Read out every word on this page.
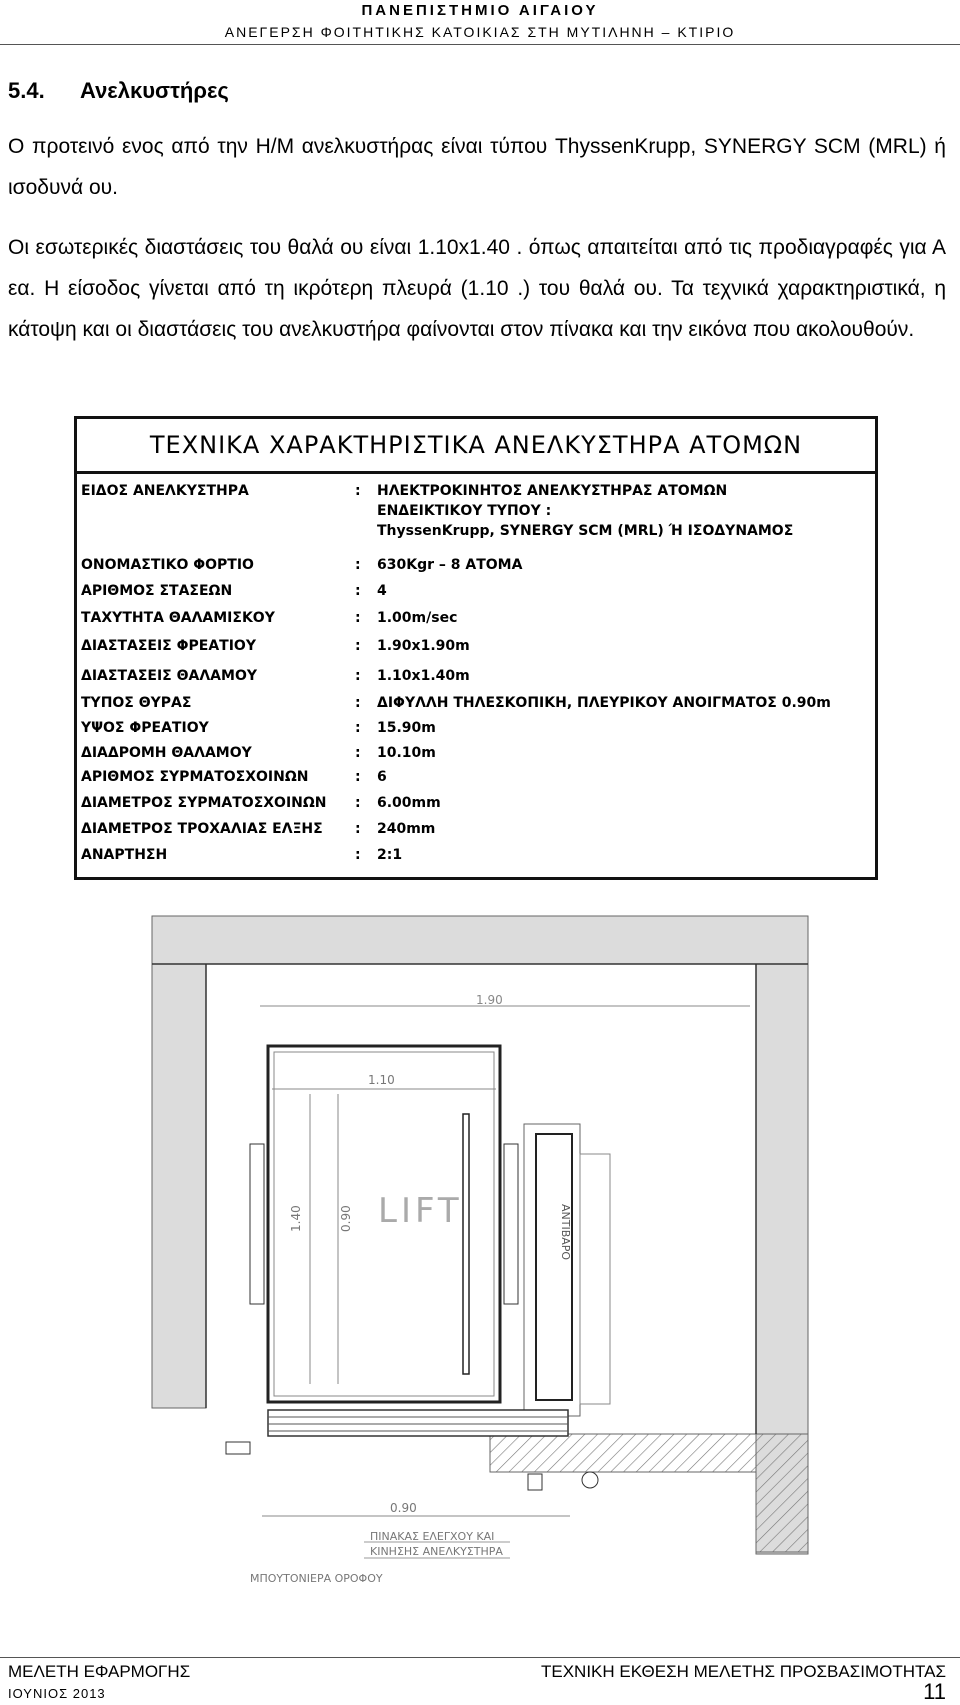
ΠΑΝΕΠΙΣΤΗΜΙΟ ΑΙΓΑΙΟΥ
ΑΝΕΓΕΡΣΗ ΦΟΙΤΗΤΙΚΗΣ ΚΑΤΟΙΚΙΑΣ ΣΤΗ ΜΥΤΙΛΗΝΗ – ΚΤΙΡΙΟ
5.4. Ανελκυστήρες
Ο προτεινό ενος από την Η/Μ ανελκυστήρας είναι τύπου ThyssenKrupp, SYNERGY SCM (MRL) ή ισοδυνά ου.
Οι εσωτερικές διαστάσεις του θαλά ου είναι 1.10x1.40 . όπως απαιτείται από τις προδιαγραφές για Α εα. Η είσοδος γίνεται από τη ικρότερη πλευρά (1.10 .) του θαλά ου. Τα τεχνικά χαρακτηριστικά, η κάτοψη και οι διαστάσεις του ανελκυστήρα φαίνονται στον πίνακα και την εικόνα που ακολουθούν.
ΤΕΧΝΙΚΑ ΧΑΡΑΚΤΗΡΙΣΤΙΚΑ ΑΝΕΛΚΥΣΤΗΡΑ ΑΤΟΜΩΝ
ΕΙΔΟΣ ΑΝΕΛΚΥΣΤΗΡΑ	: ΗΛΕΚΤΡΟΚΙΝΗΤΟΣ ΑΝΕΛΚΥΣΤΗΡΑΣ ΑΤΟΜΩΝ
ΕΝΔΕΙΚΤΙΚΟΥ ΤΥΠΟΥ :
ThyssenKrupp, SYNERGY SCM (MRL) Ή ΙΣΟΔΥΝΑΜΟΣ
ΟΝΟΜΑΣΤΙΚΟ ΦΟΡΤΙΟ	: 630Kgr – 8 ΑΤΟΜΑ
ΑΡΙΘΜΟΣ ΣΤΑΣΕΩΝ	: 4
ΤΑΧΥΤΗΤΑ ΘΑΛΑΜΙΣΚΟΥ	: 1.00m/sec
ΔΙΑΣΤΑΣΕΙΣ ΦΡΕΑΤΙΟΥ	: 1.90x1.90m
ΔΙΑΣΤΑΣΕΙΣ ΘΑΛΑΜΟΥ	: 1.10x1.40m
ΤΥΠΟΣ ΘΥΡΑΣ	: ΔΙΦΥΛΛΗ ΤΗΛΕΣΚΟΠΙΚΗ, ΠΛΕΥΡΙΚΟΥ ΑΝΟΙΓΜΑΤΟΣ 0.90m
ΥΨΟΣ ΦΡΕΑΤΙΟΥ	: 15.90m
ΔΙΑΔΡΟΜΗ ΘΑΛΑΜΟΥ	: 10.10m
ΑΡΙΘΜΟΣ ΣΥΡΜΑΤΟΣΧΟΙΝΩΝ	: 6
ΔΙΑΜΕΤΡΟΣ ΣΥΡΜΑΤΟΣΧΟΙΝΩΝ : 6.00mm
ΔΙΑΜΕΤΡΟΣ ΤΡΟΧΑΛΙΑΣ ΕΛΞΗΣ : 240mm
ΑΝΑΡΤΗΣΗ	: 2:1
1.90
1.10
1.40	0.90 LIFT	ΑΝΤΙΒΑΡΟ
0.90
ΜΠΟΥΤΟΝΙΕΡΑ ΟΡΟΦΟΥ
ΠΙΝΑΚΑΣ ΕΛΕΓΧΟΥ ΚΑΙ
ΚΙΝΗΣΗΣ ΑΝΕΛΚΥΣΤΗΡΑ
ΜΕΛΕΤΗ ΕΦΑΡΜΟΓΗΣ	ΤΕΧΝΙΚΗ ΕΚΘΕΣΗ ΜΕΛΕΤΗΣ ΠΡΟΣΒΑΣΙΜΟΤΗΤΑΣ
ΙΟΥΝΙΟΣ 2013	11
